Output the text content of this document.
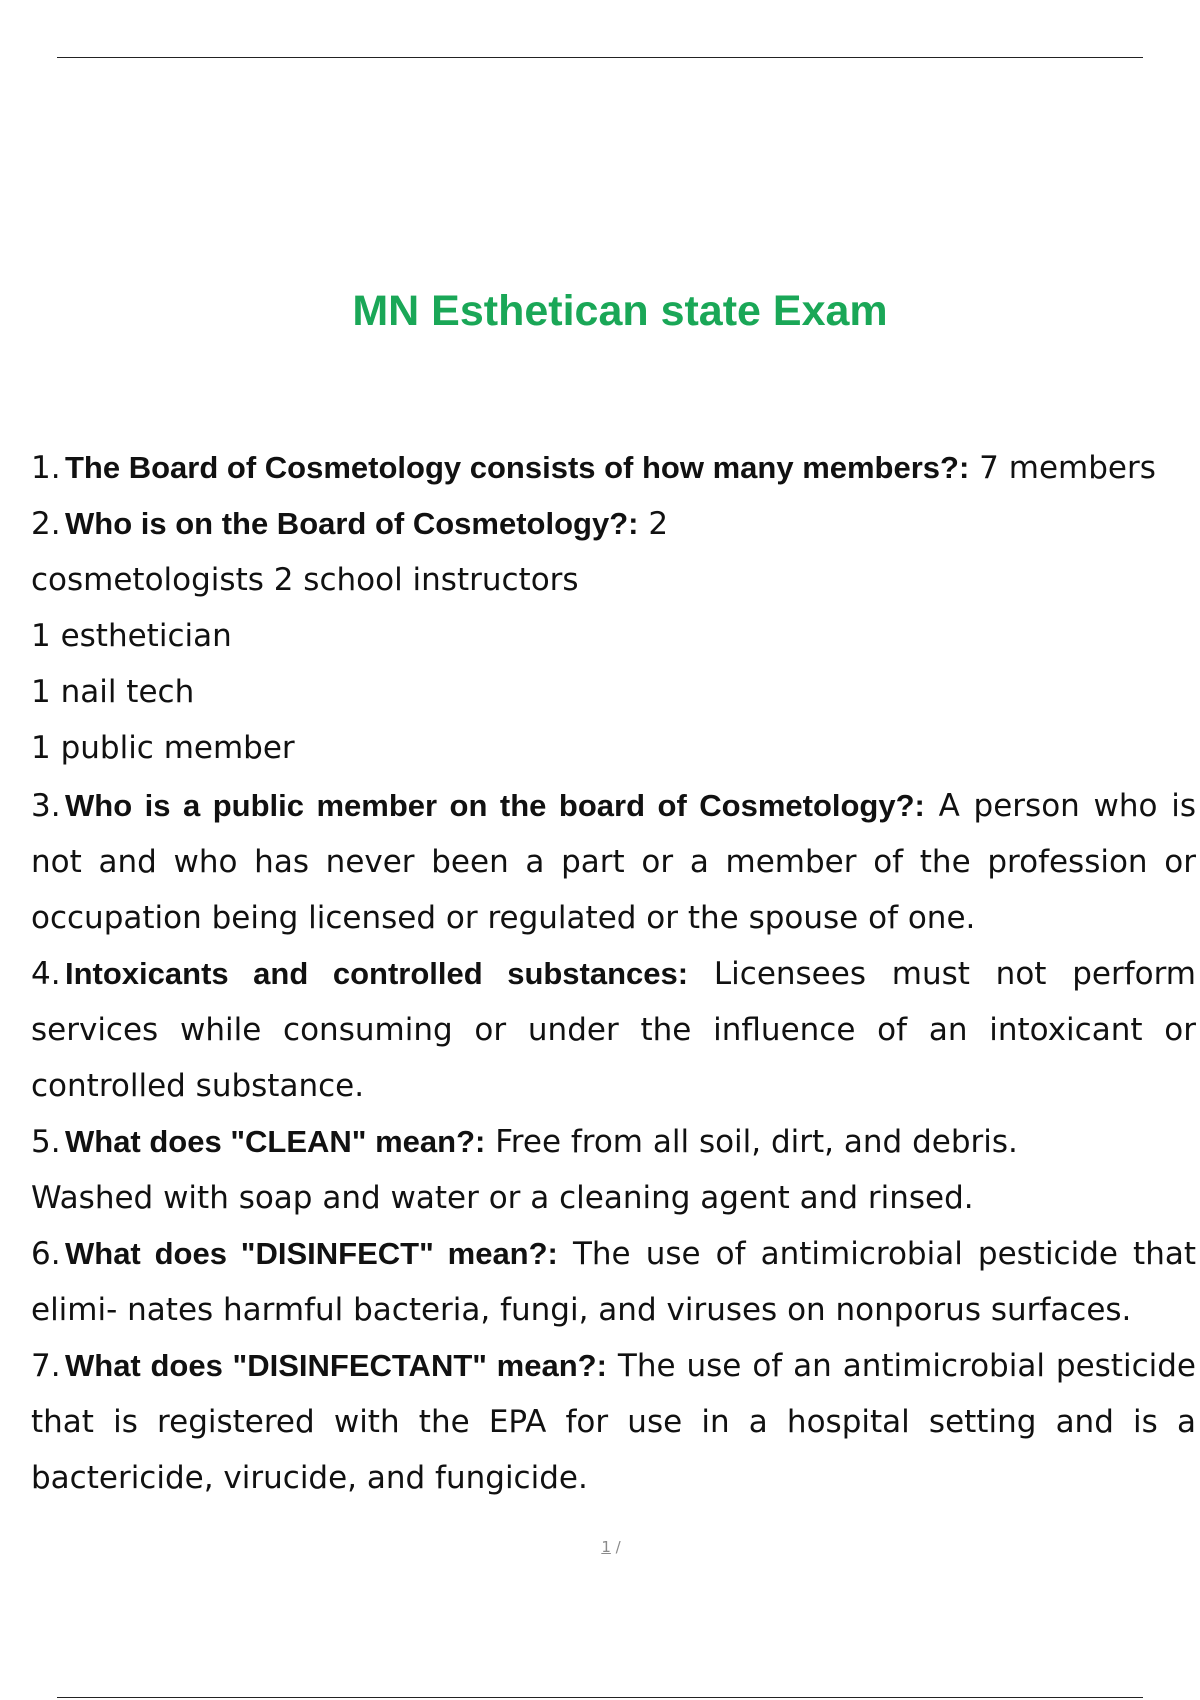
MN Esthetican state Exam

1. The Board of Cosmetology consists of how many members?: 7 members

2. Who is on the Board of Cosmetology?: 2

cosmetologists 2 school instructors

1 esthetician

1 nail tech

1 public member

3. Who is a public member on the board of Cosmetology?: A person who is not and who has never been a part or a member of the profession or occupation being licensed or regulated or the spouse of one.

4. Intoxicants and controlled substances: Licensees must not perform services while consuming or under the influence of an intoxicant or controlled substance.

5. What does "CLEAN" mean?: Free from all soil, dirt, and debris.

Washed with soap and water or a cleaning agent and rinsed.

6. What does "DISINFECT" mean?: The use of antimicrobial pesticide that elimi- nates harmful bacteria, fungi, and viruses on nonporus surfaces.

7. What does "DISINFECTANT" mean?: The use of an antimicrobial pesticide that is registered with the EPA for use in a hospital setting and is a bactericide, virucide, and fungicide.

1 /
